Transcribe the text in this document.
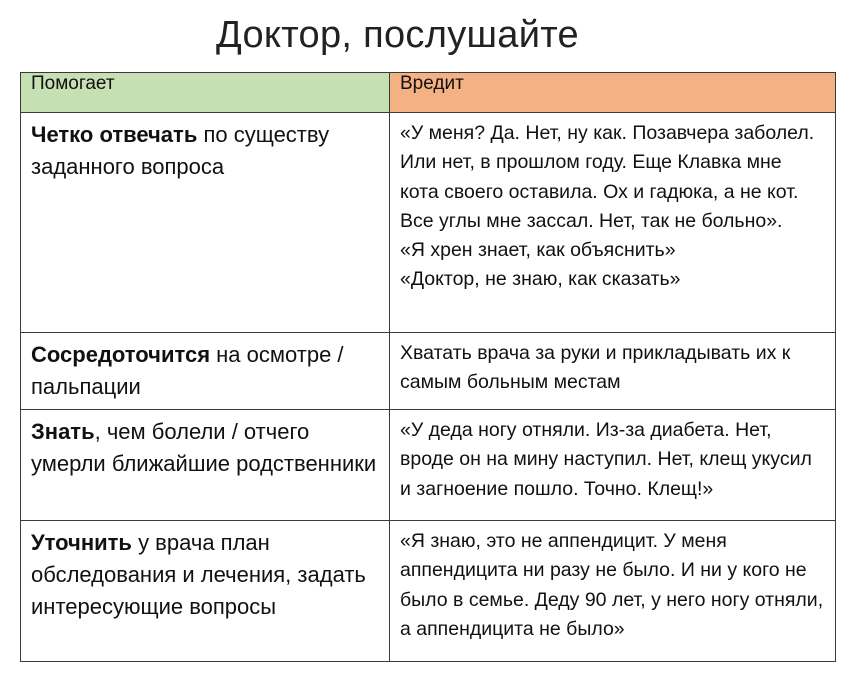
Доктор, послушайте
Помогает	Вредит
Четко отвечать по существу заданного вопроса	«У меня? Да. Нет, ну как. Позавчера заболел. Или нет, в прошлом году. Еще Клавка мне кота своего оставила. Ох и гадюка, а не кот. Все углы мне зассал. Нет, так не больно».
«Я хрен знает, как объяснить»
«Доктор, не знаю, как сказать»

Сосредоточится на осмотре / пальпации	Хватать врача за руки и прикладывать их к самым больным местам

Знать, чем болели / отчего умерли ближайшие родственники	«У деда ногу отняли. Из-за диабета. Нет, вроде он на мину наступил. Нет, клещ укусил и загноение пошло. Точно. Клещ!»

Уточнить у врача план обследования и лечения, задать интересующие вопросы	«Я знаю, это не аппендицит. У меня аппендицита ни разу не было. И ни у кого не было в семье. Деду 90 лет, у него ногу отняли, а аппендицита не было»
